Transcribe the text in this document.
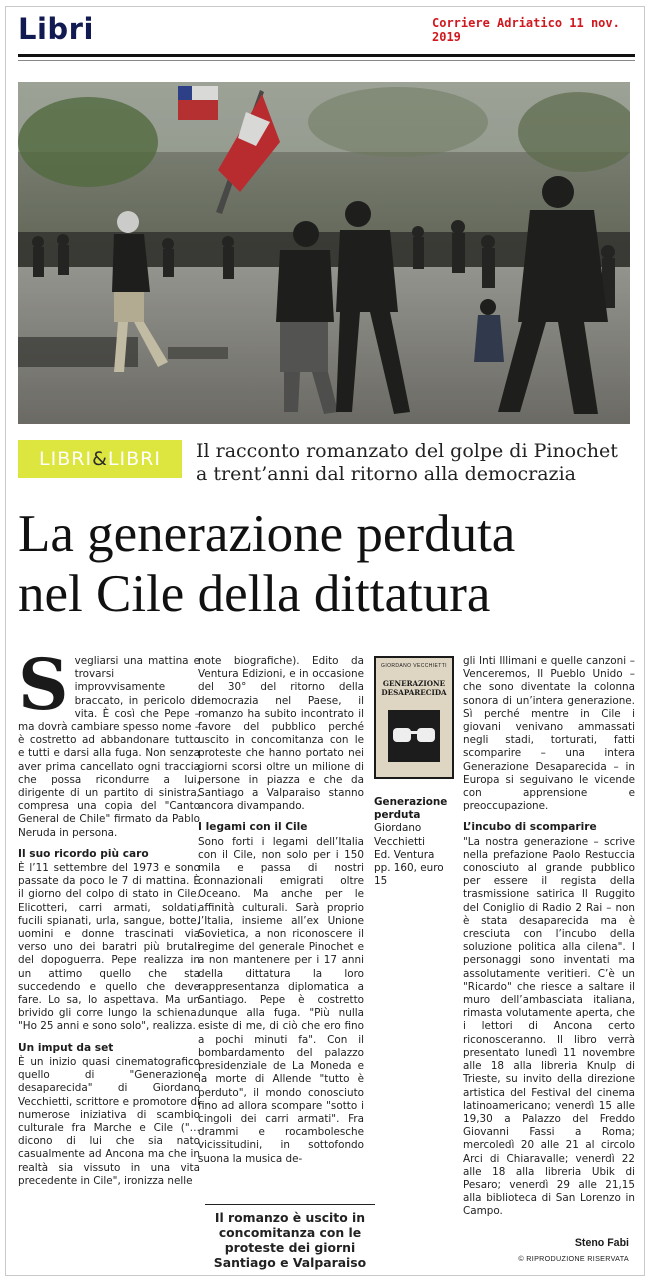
Libri	Corriere Adriatico 11 nov. 2019
LIBRI&LIBRI	Il racconto romanzato del golpe di Pinochet
a trent’anni dal ritorno alla democrazia
La generazione perduta
nel Cile della dittatura
S vegliarsi una mattina e trovarsi improvvisamente braccato, in pericolo di vita. È così che Pepe – ma dovrà cambiare spesso nome – è costretto ad abbandonare tutto e tutti e darsi alla fuga. Non senza aver prima cancellato ogni traccia che possa ricondurre a lui, dirigente di un partito di sinistra, compresa una copia del "Canto General de Chile" firmato da Pablo Neruda in persona.

Il suo ricordo più caro

È l’11 settembre del 1973 e sono passate da poco le 7 di mattina. È il giorno del colpo di stato in Cile. Elicotteri, carri armati, soldati, fucili spianati, urla, sangue, botte, uomini e donne trascinati via verso uno dei baratri più brutali del dopoguerra. Pepe realizza in un attimo quello che sta succedendo e quello che deve fare. Lo sa, lo aspettava. Ma un brivido gli corre lungo la schiena. "Ho 25 anni e sono solo", realizza.

Un imput da set

È un inizio quasi cinematografico quello di "Generazione desaparecida" di Giordano Vecchietti, scrittore e promotore di numerose iniziativa di scambio culturale fra Marche e Cile ("… dicono di lui che sia nato casualmente ad Ancona ma che in realtà sia vissuto in una vita precedente in Cile", ironizza nelle

note biografiche). Edito da Ventura Edizioni, e in occasione del 30° del ritorno della democrazia nel Paese, il romanzo ha subito incontrato il favore del pubblico perché uscito in concomitanza con le proteste che hanno portato nei giorni scorsi oltre un milione di persone in piazza e che da Santiago a Valparaiso stanno ancora divampando.

I legami con il Cile

Sono forti i legami dell’Italia con il Cile, non solo per i 150 mila e passa di nostri connazionali emigrati oltre Oceano. Ma anche per le affinità culturali. Sarà proprio l’Italia, insieme all’ex Unione Sovietica, a non riconoscere il regime del generale Pinochet e a non mantenere per i 17 anni della dittatura la loro rappresentanza diplomatica a Santiago. Pepe è costretto dunque alla fuga. "Più nulla esiste di me, di ciò che ero fino a pochi minuti fa". Con il bombardamento del palazzo presidenziale de La Moneda e la morte di Allende "tutto è perduto", il mondo conosciuto fino ad allora scompare "sotto i cingoli dei carri armati". Fra drammi e rocambolesche vicissitudini, in sottofondo suona la musica de-

GIORDANO VECCHIETTI
GENERAZIONE
DESAPARECIDA
Generazione
perduta
Giordano
Vecchietti
Ed. Ventura
pp. 160, euro 15

gli Inti Illimani e quelle canzoni – Venceremos, Il Pueblo Unido – che sono diventate la colonna sonora di un’intera generazione. Sì perché mentre in Cile i giovani venivano ammassati negli stadi, torturati, fatti scomparire – una intera Generazione Desaparecida – in Europa si seguivano le vicende con apprensione e preoccupazione.

L’incubo di scomparire

"La nostra generazione – scrive nella prefazione Paolo Restuccia conosciuto al grande pubblico per essere il regista della trasmissione satirica Il Ruggito del Coniglio di Radio 2 Rai – non è stata desaparecida ma è cresciuta con l’incubo della soluzione politica alla cilena". I personaggi sono inventati ma assolutamente veritieri. C’è un "Ricardo" che riesce a saltare il muro dell’ambasciata italiana, rimasta volutamente aperta, che i lettori di Ancona certo riconosceranno. Il libro verrà presentato lunedì 11 novembre alle 18 alla libreria Knulp di Trieste, su invito della direzione artistica del Festival del cinema latinoamericano; venerdì 15 alle 19,30 a Palazzo del Freddo Giovanni Fassi a Roma; mercoledì 20 alle 21 al circolo Arci di Chiaravalle; venerdì 22 alle 18 alla libreria Ubik di Pesaro; venerdì 29 alle 21,15 alla biblioteca di San Lorenzo in Campo.

Il romanzo è uscito in concomitanza con le proteste dei giorni Santiago e Valparaiso
Steno Fabi
© RIPRODUZIONE RISERVATA
